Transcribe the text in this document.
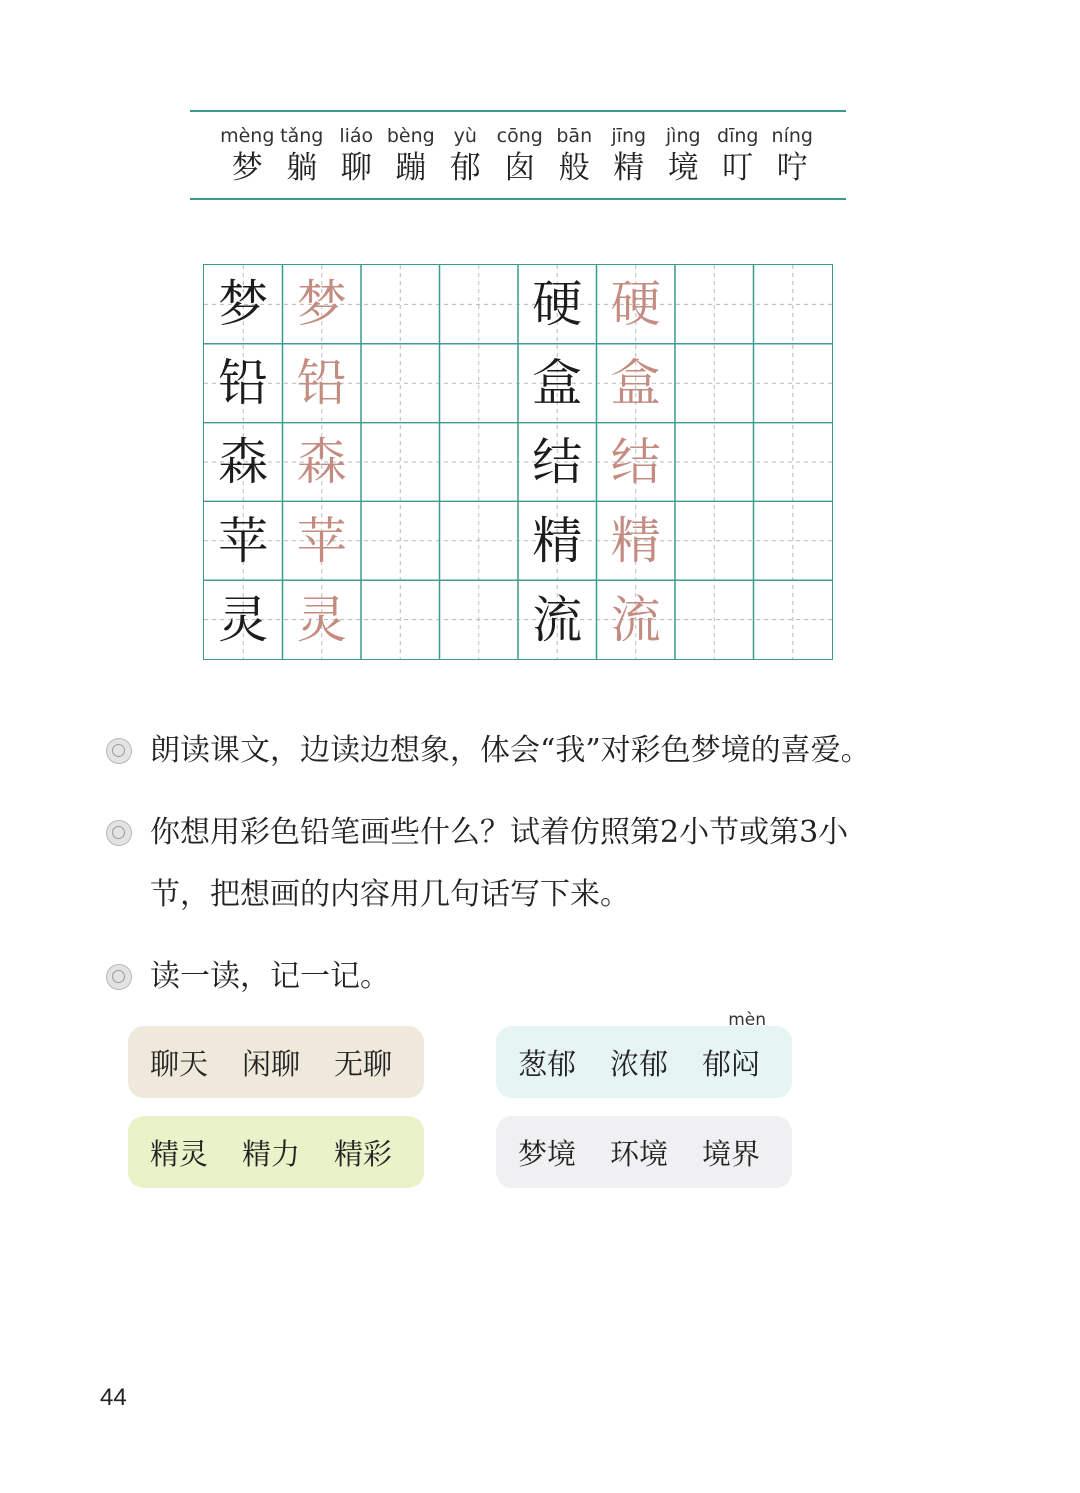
mèng
梦
tǎng
躺
liáo
聊
bèng
蹦
yù
郁
cōng
囱
bān
般
jīng
精
jìng
境
dīng
叮
níng
咛
梦 梦
铅 铅
森 森
苹 苹
灵 灵
硬 硬
盒 盒
结 结
精 精
流 流
朗读课文，边读边想象，体会“我”对彩色梦境的喜爱。
你想用彩色铅笔画些什么？试着仿照第2小节或第3小
节，把想画的内容用几句话写下来。
读一读，记一记。
聊天 闲聊 无聊	葱郁 浓郁 郁闷
mèn
精灵 精力 精彩	梦境 环境 境界
44
